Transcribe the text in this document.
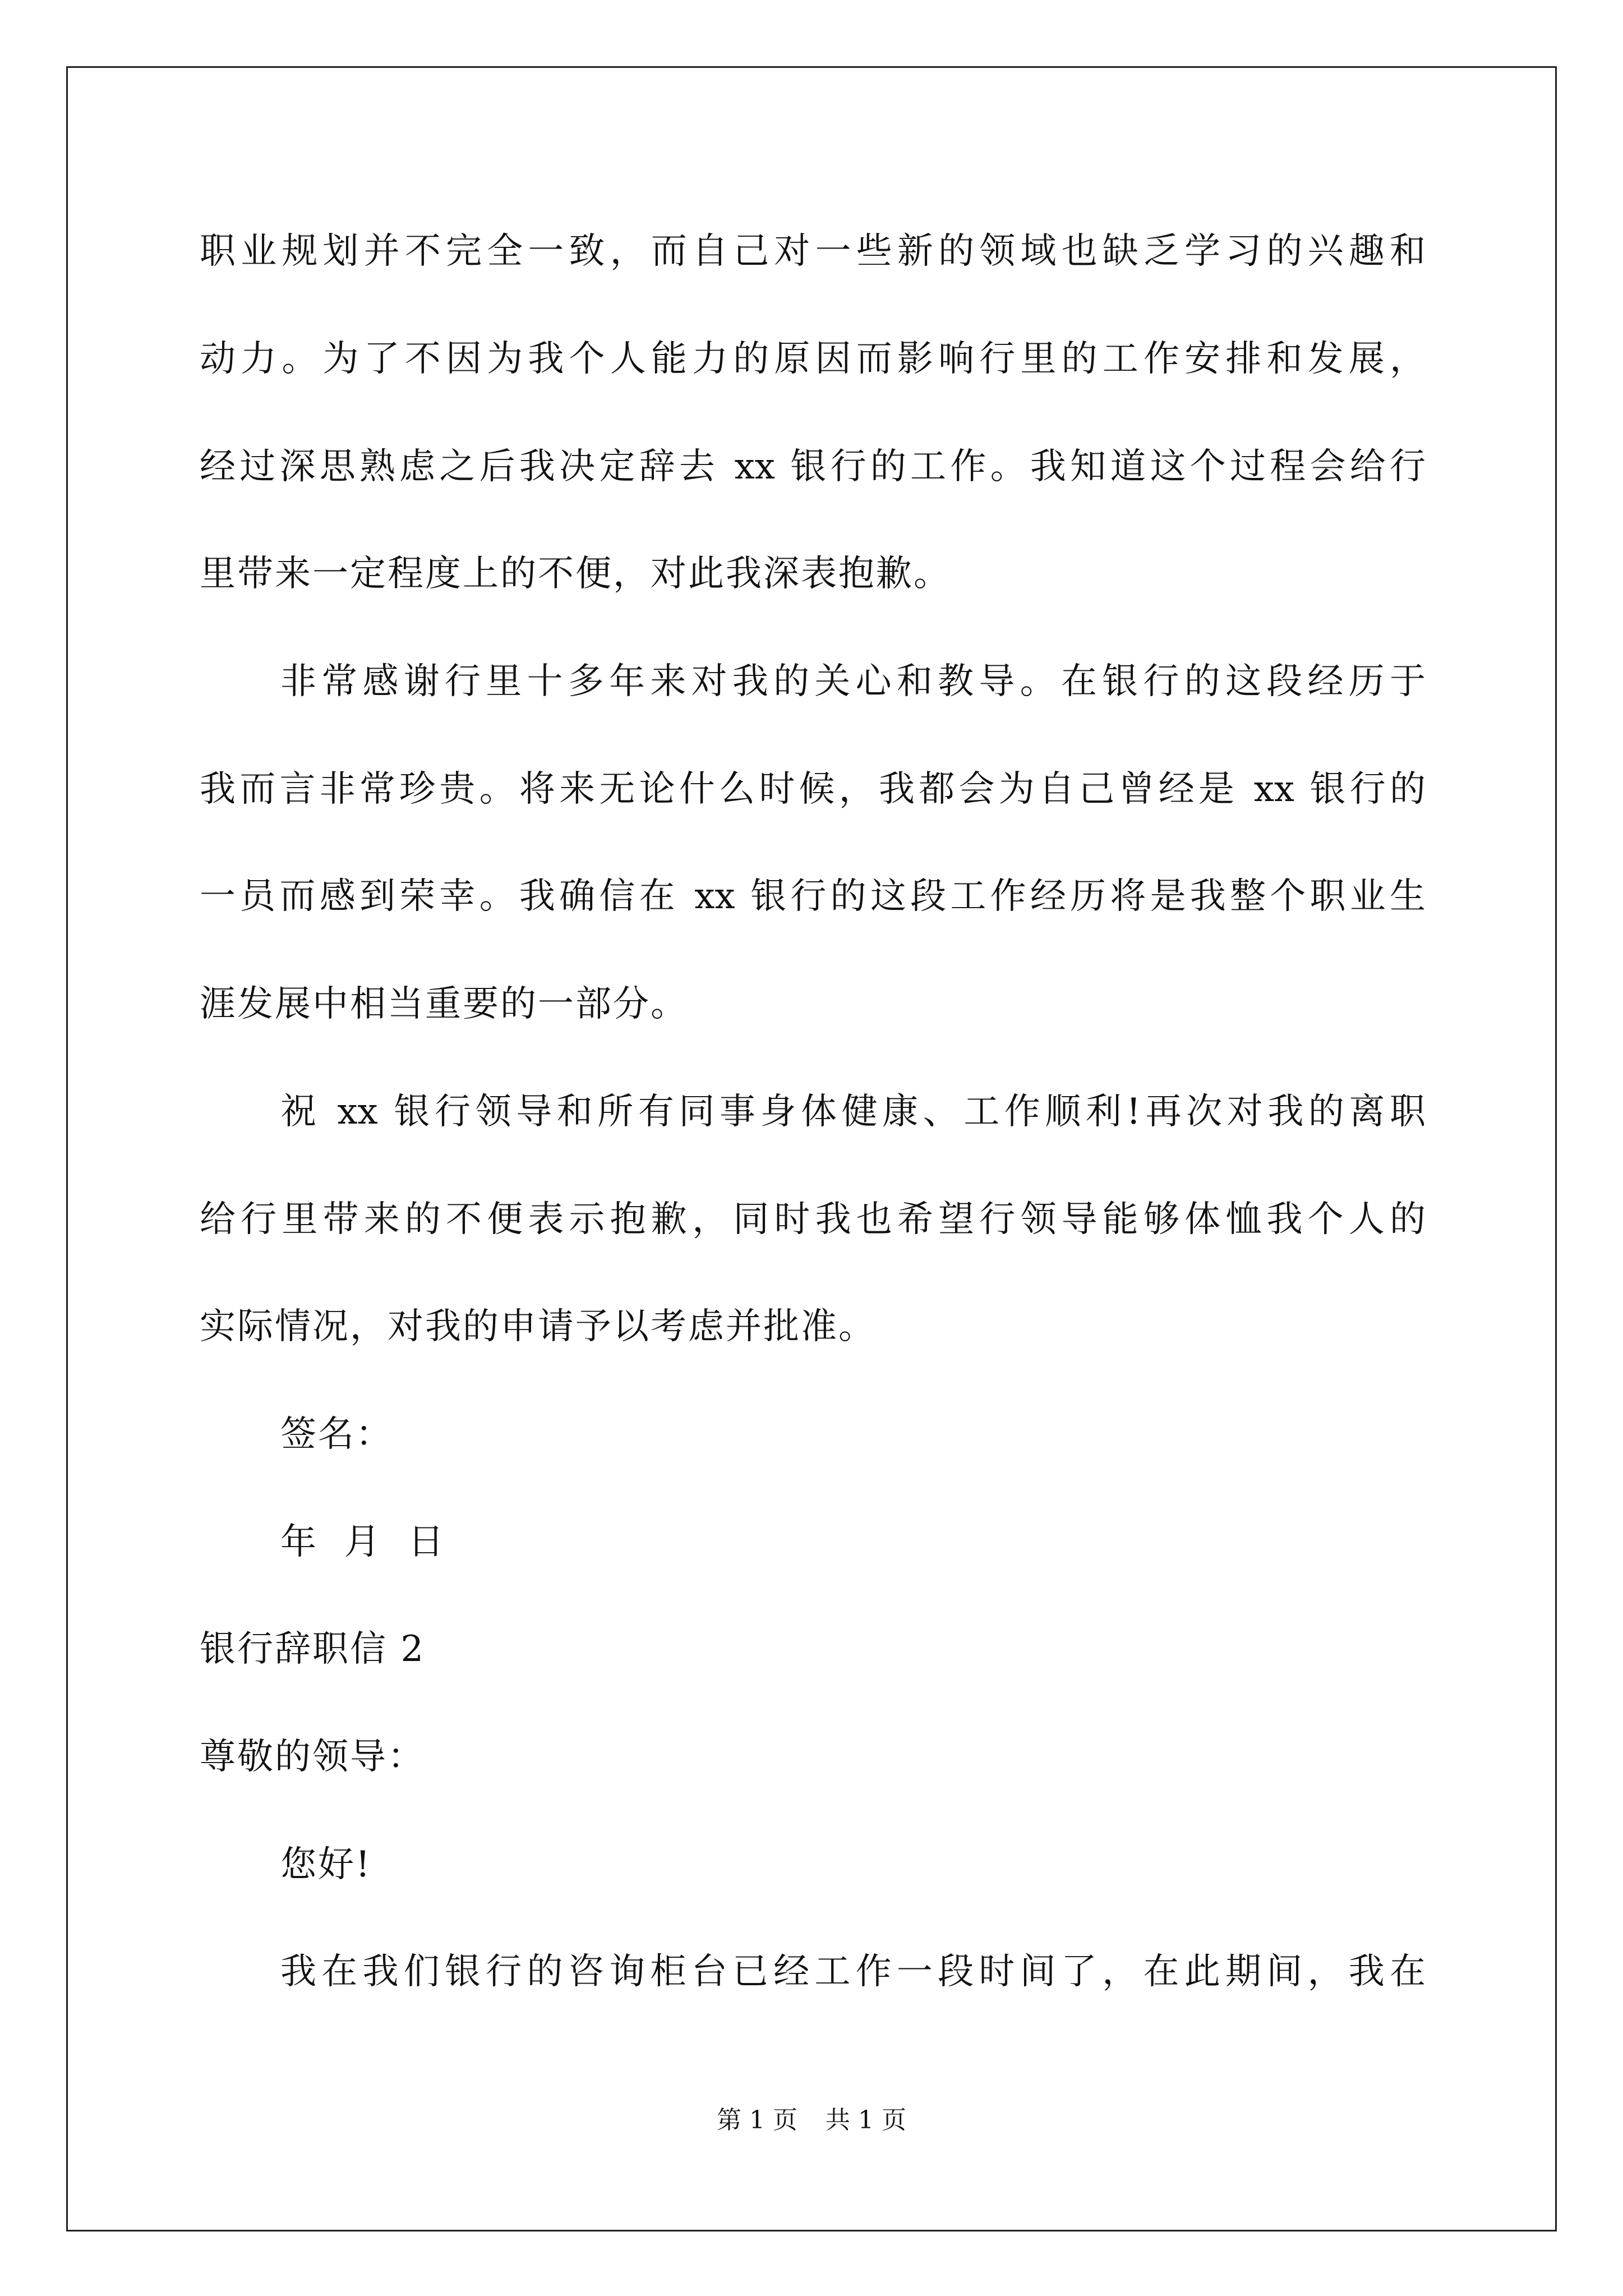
职业规划并不完全一致，而自己对一些新的领域也缺乏学习的兴趣和
动力。为了不因为我个人能力的原因而影响行里的工作安排和发展，
经过深思熟虑之后我决定辞去 xx 银行的工作。我知道这个过程会给行
里带来一定程度上的不便，对此我深表抱歉。
非常感谢行里十多年来对我的关心和教导。在银行的这段经历于
我而言非常珍贵。将来无论什么时候，我都会为自己曾经是 xx 银行的
一员而感到荣幸。我确信在 xx 银行的这段工作经历将是我整个职业生
涯发展中相当重要的一部分。
祝 xx 银行领导和所有同事身体健康、工作顺利!再次对我的离职
给行里带来的不便表示抱歉，同时我也希望行领导能够体恤我个人的
实际情况，对我的申请予以考虑并批准。
签名：
年  月  日
银行辞职信 2
尊敬的领导：
您好!
我在我们银行的咨询柜台已经工作一段时间了，在此期间，我在
第 1 页 共 1 页
